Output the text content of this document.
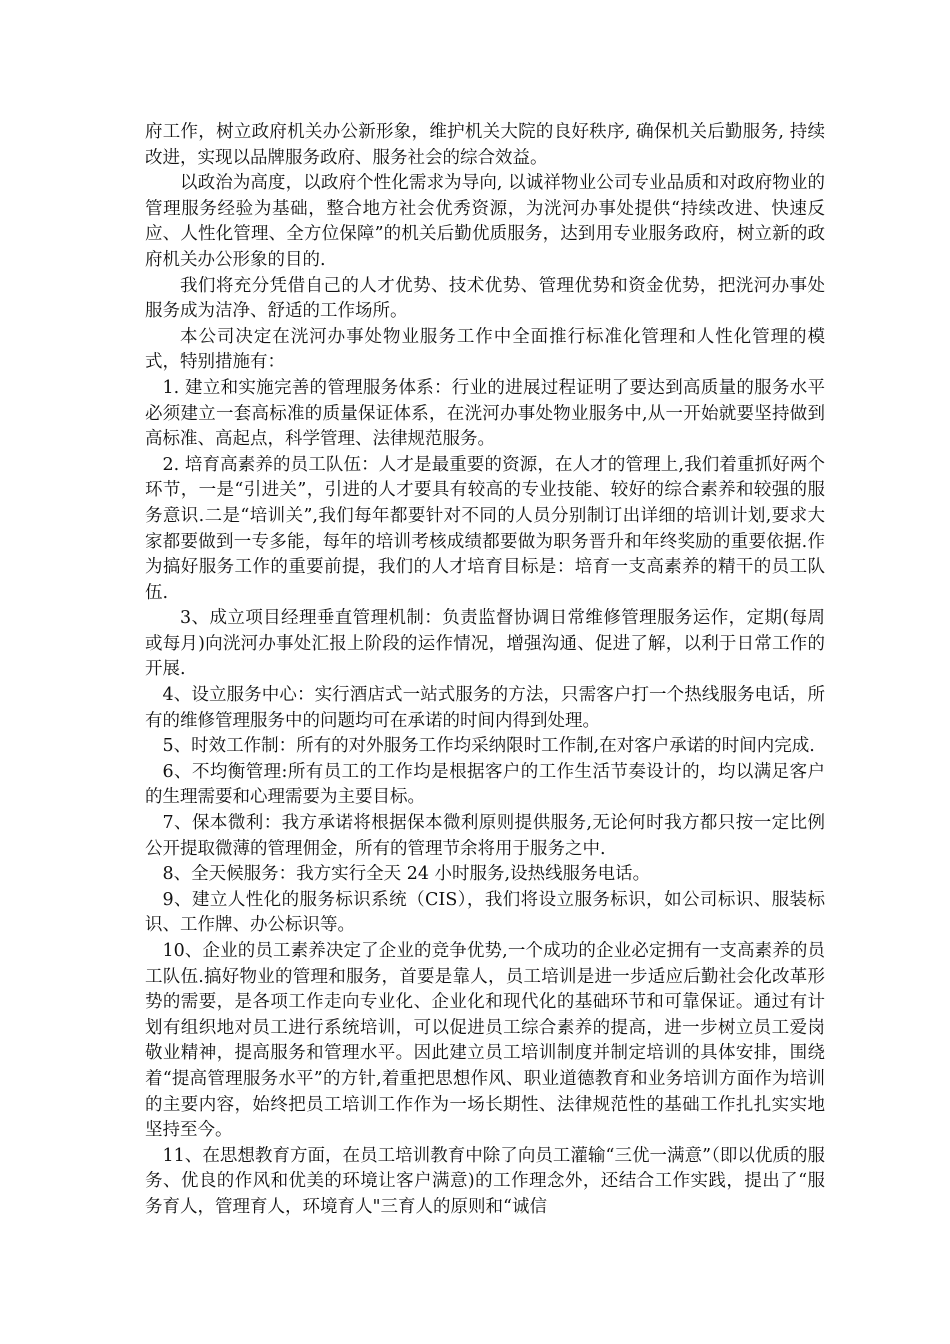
府工作，树立政府机关办公新形象，维护机关大院的良好秩序, 确保机关后勤服务, 持续改进，实现以品牌服务政府、服务社会的综合效益。

以政治为高度，以政府个性化需求为导向, 以诚祥物业公司专业品质和对政府物业的管理服务经验为基础，整合地方社会优秀资源，为洸河办事处提供“持续改进、快速反应、人性化管理、全方位保障”的机关后勤优质服务，达到用专业服务政府，树立新的政府机关办公形象的目的.

我们将充分凭借自己的人才优势、技术优势、管理优势和资金优势，把洸河办事处服务成为洁净、舒适的工作场所。

本公司决定在洸河办事处物业服务工作中全面推行标准化管理和人性化管理的模式，特别措施有：

1. 建立和实施完善的管理服务体系：行业的进展过程证明了要达到高质量的服务水平必须建立一套高标准的质量保证体系，在洸河办事处物业服务中,从一开始就要坚持做到高标准、高起点，科学管理、法律规范服务。

2. 培育高素养的员工队伍：人才是最重要的资源，在人才的管理上,我们着重抓好两个环节，一是“引进关”，引进的人才要具有较高的专业技能、较好的综合素养和较强的服务意识.二是“培训关”,我们每年都要针对不同的人员分别制订出详细的培训计划,要求大家都要做到一专多能，每年的培训考核成绩都要做为职务晋升和年终奖励的重要依据.作为搞好服务工作的重要前提，我们的人才培育目标是：培育一支高素养的精干的员工队伍.

3、成立项目经理垂直管理机制：负责监督协调日常维修管理服务运作，定期(每周或每月)向洸河办事处汇报上阶段的运作情况，增强沟通、促进了解，以利于日常工作的开展.

4、设立服务中心：实行酒店式一站式服务的方法，只需客户打一个热线服务电话，所有的维修管理服务中的问题均可在承诺的时间内得到处理。

5、时效工作制：所有的对外服务工作均采纳限时工作制,在对客户承诺的时间内完成.

6、不均衡管理:所有员工的工作均是根据客户的工作生活节奏设计的，均以满足客户的生理需要和心理需要为主要目标。

7、保本微利：我方承诺将根据保本微利原则提供服务,无论何时我方都只按一定比例公开提取微薄的管理佣金，所有的管理节余将用于服务之中.

8、全天候服务：我方实行全天 24 小时服务,设热线服务电话。

9、建立人性化的服务标识系统（CIS），我们将设立服务标识，如公司标识、服装标识、工作牌、办公标识等。

10、企业的员工素养决定了企业的竞争优势,一个成功的企业必定拥有一支高素养的员工队伍.搞好物业的管理和服务，首要是靠人，员工培训是进一步适应后勤社会化改革形势的需要，是各项工作走向专业化、企业化和现代化的基础环节和可靠保证。通过有计划有组织地对员工进行系统培训，可以促进员工综合素养的提高，进一步树立员工爱岗敬业精神，提高服务和管理水平。因此建立员工培训制度并制定培训的具体安排，围绕着“提高管理服务水平”的方针,着重把思想作风、职业道德教育和业务培训方面作为培训的主要内容，始终把员工培训工作作为一场长期性、法律规范性的基础工作扎扎实实地坚持至今。

11、在思想教育方面，在员工培训教育中除了向员工灌输“三优一满意”（即以优质的服务、优良的作风和优美的环境让客户满意)的工作理念外，还结合工作实践，提出了“服务育人，管理育人，环境育人"三育人的原则和“诚信
